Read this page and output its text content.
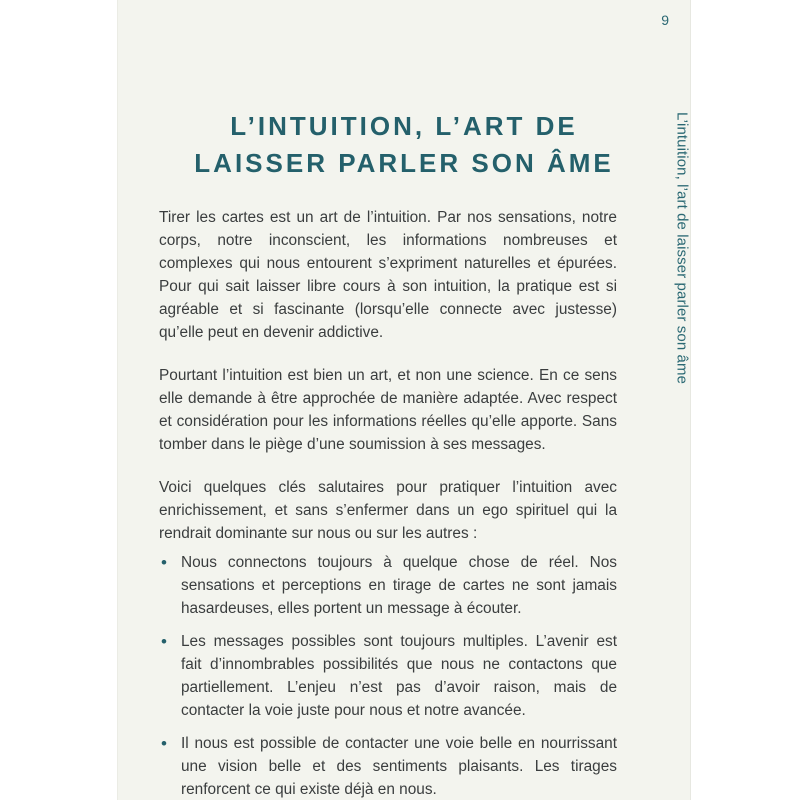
9
L’intuition, l’art de laisser parler son âme
L’INTUITION, L’ART DE
LAISSER PARLER SON ÂME

Tirer les cartes est un art de l’intuition. Par nos sensations, notre corps, notre inconscient, les informations nombreuses et complexes qui nous entourent s’expriment naturelles et épurées. Pour qui sait laisser libre cours à son intuition, la pratique est si agréable et si fascinante (lorsqu’elle connecte avec justesse) qu’elle peut en devenir addictive.

Pourtant l’intuition est bien un art, et non une science. En ce sens elle demande à être approchée de manière adaptée. Avec respect et considération pour les informations réelles qu’elle apporte. Sans tomber dans le piège d’une soumission à ses messages.

Voici quelques clés salutaires pour pratiquer l’intuition avec enrichissement, et sans s’enfermer dans un ego spirituel qui la rendrait dominante sur nous ou sur les autres :

• Nous connectons toujours à quelque chose de réel. Nos sensations et perceptions en tirage de cartes ne sont jamais hasardeuses, elles portent un message à écouter.
• Les messages possibles sont toujours multiples. L’avenir est fait d’innombrables possibilités que nous ne contactons que partiellement. L’enjeu n’est pas d’avoir raison, mais de contacter la voie juste pour nous et notre avancée.
• Il nous est possible de contacter une voie belle en nourrissant une vision belle et des sentiments plaisants. Les tirages renforcent ce qui existe déjà en nous.
